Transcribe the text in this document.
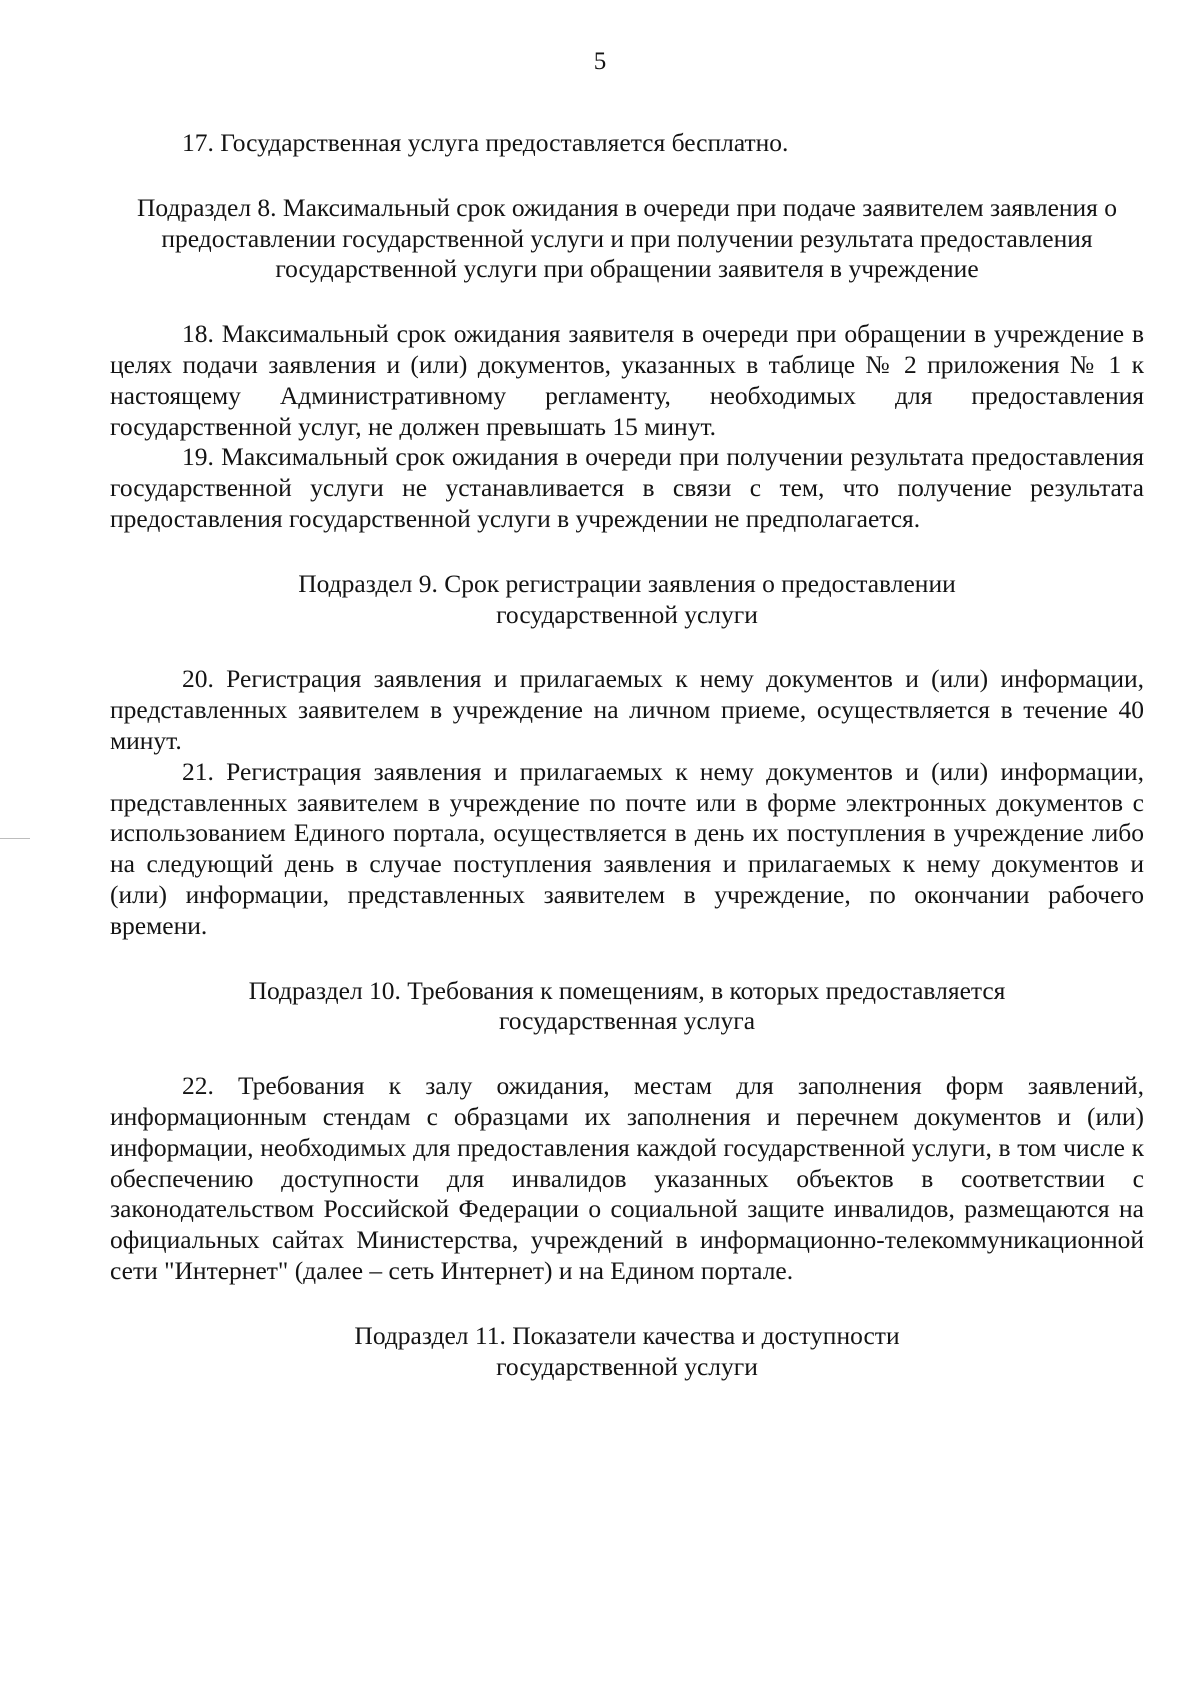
5

17. Государственная услуга предоставляется бесплатно.

Подраздел 8. Максимальный срок ожидания в очереди при подаче заявителем заявления о предоставлении государственной услуги и при получении результата предоставления государственной услуги при обращении заявителя в учреждение

18. Максимальный срок ожидания заявителя в очереди при обращении в учреждение в целях подачи заявления и (или) документов, указанных в таблице № 2 приложения № 1 к настоящему Административному регламенту, необходимых для предоставления государственной услуг, не должен превышать 15 минут.

19. Максимальный срок ожидания в очереди при получении результата предоставления государственной услуги не устанавливается в связи с тем, что получение результата предоставления государственной услуги в учреждении не предполагается.

Подраздел 9. Срок регистрации заявления о предоставлении
государственной услуги

20. Регистрация заявления и прилагаемых к нему документов и (или) информации, представленных заявителем в учреждение на личном приеме, осуществляется в течение 40 минут.

21. Регистрация заявления и прилагаемых к нему документов и (или) информации, представленных заявителем в учреждение по почте или в форме электронных документов с использованием Единого портала, осуществляется в день их поступления в учреждение либо на следующий день в случае поступления заявления и прилагаемых к нему документов и (или) информации, представленных заявителем в учреждение, по окончании рабочего времени.

Подраздел 10. Требования к помещениям, в которых предоставляется
государственная услуга

22. Требования к залу ожидания, местам для заполнения форм заявлений, информационным стендам с образцами их заполнения и перечнем документов и (или) информации, необходимых для предоставления каждой государственной услуги, в том числе к обеспечению доступности для инвалидов указанных объектов в соответствии с законодательством Российской Федерации о социальной защите инвалидов, размещаются на официальных сайтах Министерства, учреждений в информационно-телекоммуникационной сети "Интернет" (далее – сеть Интернет) и на Едином портале.

Подраздел 11. Показатели качества и доступности
государственной услуги
